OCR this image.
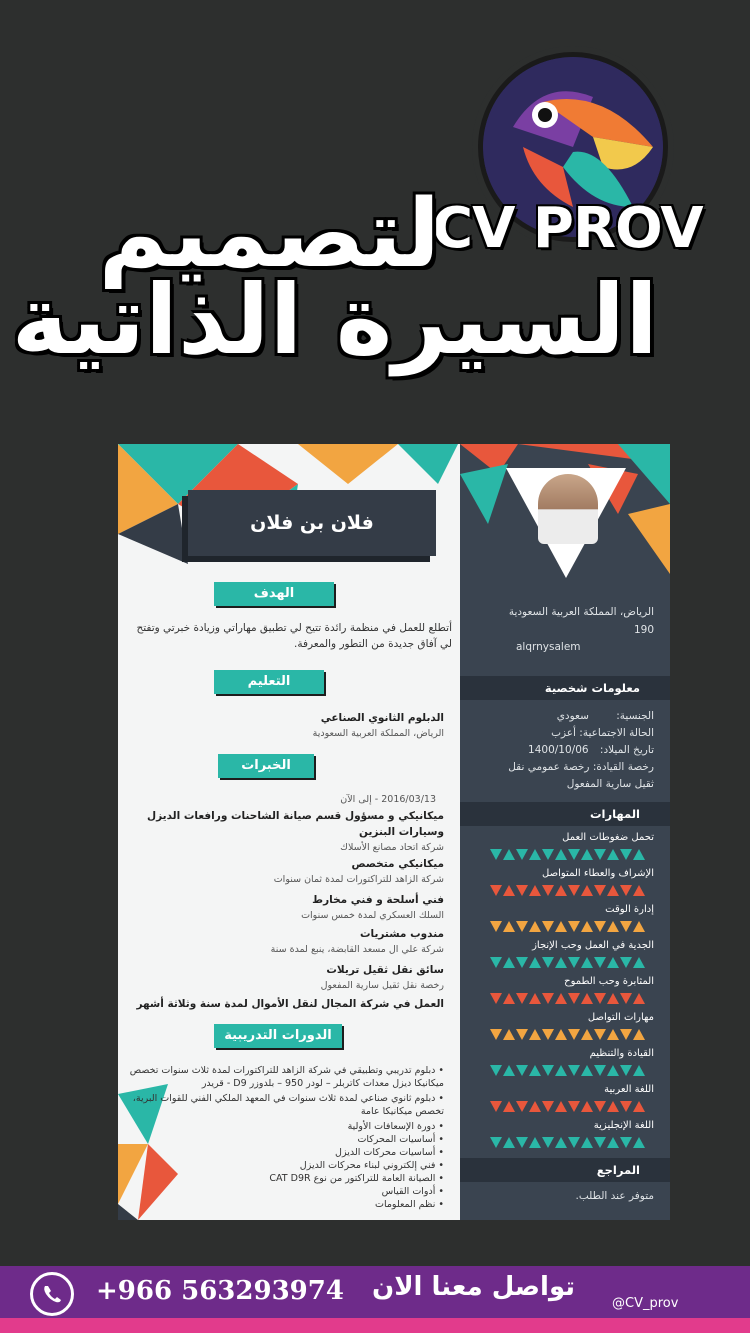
CV PROV
لتصميم
السيرة الذاتية
فلان بن فلان
الهدف
أتطلع للعمل في منظمة رائدة تتيح لي تطبيق مهاراتي وزيادة خبرتي وتفتح لي آفاق جديدة من التطور والمعرفة.
التعليم
الدبلوم الثانوي الصناعي
الرياض، المملكة العربية السعودية
الخبرات
2016/03/13 - إلى الآن
ميكانيكي و مسؤول قسم صيانة الشاحنات ورافعات الديزل وسيارات البنزين
شركة اتحاد مصانع الأسلاك
ميكانيكي متخصص
شركة الزاهد للتراكتورات لمدة ثمان سنوات
فني أسلحة و فني مخارط
السلك العسكري لمدة خمس سنوات
مندوب مشتريات
شركة علي ال مسعد القابضة، ينبع لمدة سنة
سائق نقل ثقيل تريلات
رخصة نقل ثقيل سارية المفعول
العمل في شركة المجال لنقل الأموال لمدة سنة وثلاثة أشهر
الدورات التدريبية
• دبلوم تدريبي وتطبيقي في شركة الزاهد للتراكتورات لمدة ثلاث سنوات تخصص ميكانيكا ديزل معدات كاتربلر – لودر 950 – بلدوزر D9 - قريدر
• دبلوم ثانوي صناعي لمدة ثلاث سنوات في المعهد الملكي الفني للقوات البرية، تخصص ميكانيكا عامة
• دورة الإسعافات الأولية
• أساسيات المحركات
• أساسيات محركات الديزل
• فني إلكتروني لبناء محركات الديزل
• الصيانة العامة للتراكتور من نوع CAT D9R
• أدوات القياس
• نظم المعلومات
الرياض، المملكة العربية السعودية
190
alqrnysalem
معلومات شخصية
الجنسية: سعودي
الحالة الاجتماعية: أعزب
تاريخ الميلاد: 1400/10/06
رخصة القيادة: رخصة عمومي نقل
ثقيل سارية المفعول
المهارات
تحمل ضغوطات العمل
الإشراف والعطاء المتواصل
إدارة الوقت
الجدية في العمل وحب الإنجاز
المثابرة وحب الطموح
مهارات التواصل
القيادة والتنظيم
اللغة العربية
اللغة الإنجليزية
المراجع
متوفر عند الطلب.
+966 563293974 تواصل معنا الان
@CV_prov
